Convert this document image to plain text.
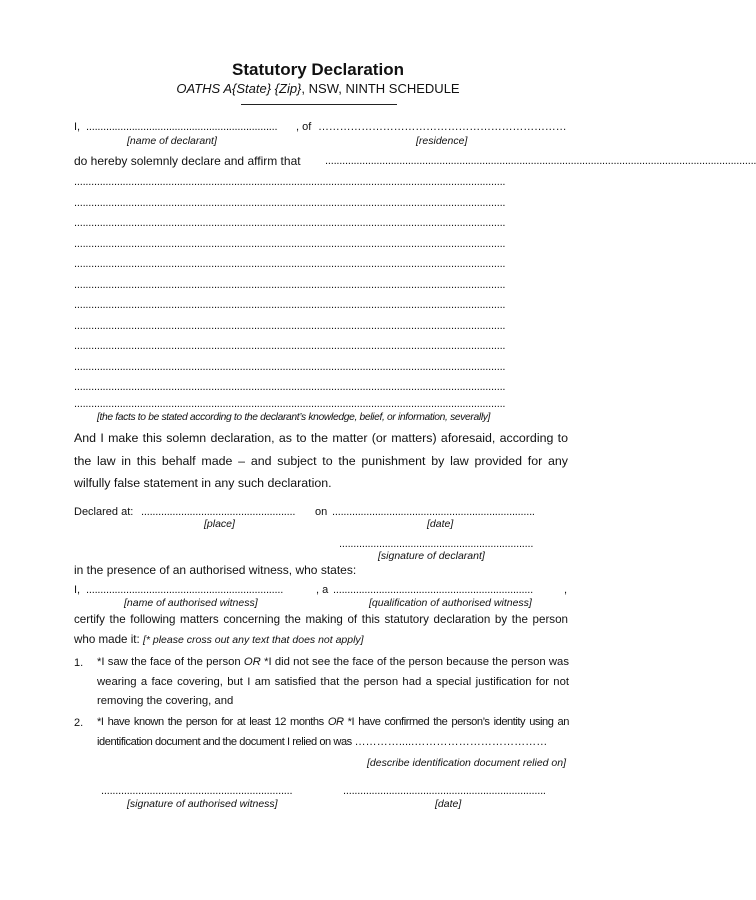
Statutory Declaration
OATHS A{State} {Zip}, NSW, NINTH SCHEDULE
I, ...................................................................	, of ……………………………………………………………
[name of declarant]	[residence]
do hereby solemnly declare and affirm that .......................................................................................................................................................
.......................................................................................................................................................
.......................................................................................................................................................
.......................................................................................................................................................
.......................................................................................................................................................
.......................................................................................................................................................
.......................................................................................................................................................
.......................................................................................................................................................
.......................................................................................................................................................
.......................................................................................................................................................
.......................................................................................................................................................
.......................................................................................................................................................
.......................................................................................................................................................
[the facts to be stated according to the declarant’s knowledge, belief, or information, severally]
And I make this solemn declaration, as to the matter (or matters) aforesaid, according to the law in this behalf made – and subject to the punishment by law provided for any wilfully false statement in any such declaration.
Declared at: ......................................................	on .......................................................................
[place]	[date]
....................................................................
[signature of declarant]
in the presence of an authorised witness, who states:
I, .....................................................................	, a ......................................................................	,
[name of authorised witness]	[qualification of authorised witness]
certify the following matters concerning the making of this statutory declaration by the person who made it: [* please cross out any text that does not apply]
1. *I saw the face of the person OR *I did not see the face of the person because the person was wearing a face covering, but I am satisfied that the person had a special justification for not removing the covering, and
2. *I have known the person for at least 12 months OR *I have confirmed the person’s identity using an identification document and the document I relied on was ………….....………………………………
[describe identification document relied on]
...................................................................	.......................................................................
[signature of authorised witness]	[date]
